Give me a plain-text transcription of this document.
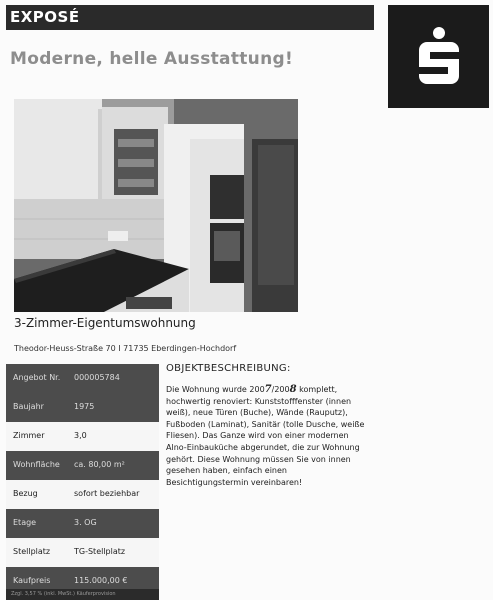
EXPOSÉ
Moderne, helle Ausstattung!
3-Zimmer-Eigentumswohnung
Theodor-Heuss-Straße 70 I 71735 Eberdingen-Hochdorf
Angebot Nr. 000005784
Baujahr	1975
Zimmer	3,0
Wohnfläche ca. 80,00 m²
Bezug	sofort beziehbar
Etage	3. OG
Stellplatz	TG-Stellplatz
Kaufpreis	115.000,00 €
OBJEKTBESCHREIBUNG:
Die Wohnung wurde 2007/2008 komplett, hochwertig renoviert: Kunststofffenster (innen weiß), neue Türen (Buche), Wände (Rauputz), Fußboden (Laminat), Sanitär (tolle Dusche, weiße Fliesen). Das Ganze wird von einer modernen Alno-Einbauküche abgerundet, die zur Wohnung gehört. Diese Wohnung müssen Sie von innen gesehen haben, einfach einen Besichtigungstermin vereinbaren!
Zzgl. 3,57 % (inkl. MwSt.) Käuferprovision
